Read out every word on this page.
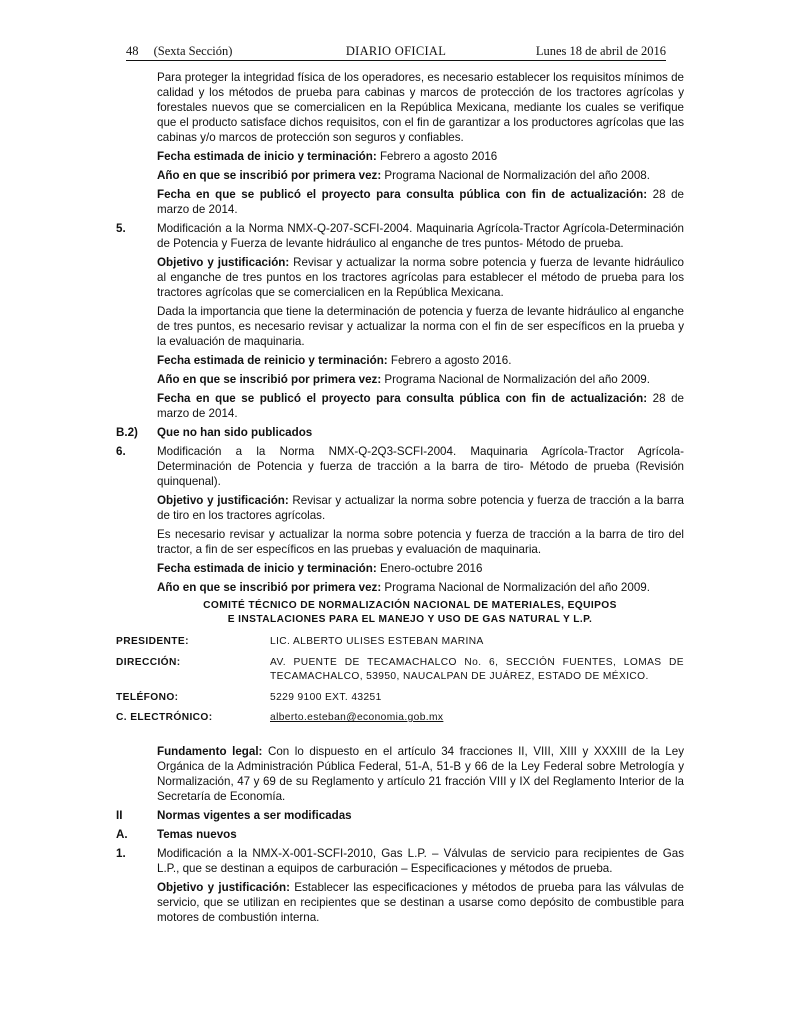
48 (Sexta Sección)	DIARIO OFICIAL	Lunes 18 de abril de 2016

Para proteger la integridad física de los operadores, es necesario establecer los requisitos mínimos de calidad y los métodos de prueba para cabinas y marcos de protección de los tractores agrícolas y forestales nuevos que se comercialicen en la República Mexicana, mediante los cuales se verifique que el producto satisface dichos requisitos, con el fin de garantizar a los productores agrícolas que las cabinas y/o marcos de protección son seguros y confiables.

Fecha estimada de inicio y terminación: Febrero a agosto 2016

Año en que se inscribió por primera vez: Programa Nacional de Normalización del año 2008.

Fecha en que se publicó el proyecto para consulta pública con fin de actualización: 28 de marzo de 2014.

5.	Modificación a la Norma NMX-Q-207-SCFI-2004. Maquinaria Agrícola-Tractor Agrícola-Determinación de Potencia y Fuerza de levante hidráulico al enganche de tres puntos- Método de prueba.

Objetivo y justificación: Revisar y actualizar la norma sobre potencia y fuerza de levante hidráulico al enganche de tres puntos en los tractores agrícolas para establecer el método de prueba para los tractores agrícolas que se comercialicen en la República Mexicana.

Dada la importancia que tiene la determinación de potencia y fuerza de levante hidráulico al enganche de tres puntos, es necesario revisar y actualizar la norma con el fin de ser específicos en la prueba y la evaluación de maquinaria.

Fecha estimada de reinicio y terminación: Febrero a agosto 2016.

Año en que se inscribió por primera vez: Programa Nacional de Normalización del año 2009.

Fecha en que se publicó el proyecto para consulta pública con fin de actualización: 28 de marzo de 2014.

B.2)	Que no han sido publicados
6.	Modificación a la Norma NMX-Q-2Q3-SCFI-2004. Maquinaria Agrícola-Tractor Agrícola- Determinación de Potencia y fuerza de tracción a la barra de tiro- Método de prueba (Revisión quinquenal).

Objetivo y justificación: Revisar y actualizar la norma sobre potencia y fuerza de tracción a la barra de tiro en los tractores agrícolas.

Es necesario revisar y actualizar la norma sobre potencia y fuerza de tracción a la barra de tiro del tractor, a fin de ser específicos en las pruebas y evaluación de maquinaria.

Fecha estimada de inicio y terminación: Enero-octubre 2016

Año en que se inscribió por primera vez: Programa Nacional de Normalización del año 2009.

COMITÉ TÉCNICO DE NORMALIZACIÓN NACIONAL DE MATERIALES, EQUIPOS
E INSTALACIONES PARA EL MANEJO Y USO DE GAS NATURAL Y L.P.
PRESIDENTE:	LIC. ALBERTO ULISES ESTEBAN MARINA
DIRECCIÓN:	AV. PUENTE DE TECAMACHALCO No. 6, SECCIÓN FUENTES, LOMAS DE TECAMACHALCO, 53950, NAUCALPAN DE JUÁREZ, ESTADO DE MÉXICO.
TELÉFONO:	5229 9100 EXT. 43251
C. ELECTRÓNICO:	alberto.esteban@economia.gob.mx

Fundamento legal: Con lo dispuesto en el artículo 34 fracciones II, VIII, XIII y XXXIII de la Ley Orgánica de la Administración Pública Federal, 51-A, 51-B y 66 de la Ley Federal sobre Metrología y Normalización, 47 y 69 de su Reglamento y artículo 21 fracción VIII y IX del Reglamento Interior de la Secretaría de Economía.

II	Normas vigentes a ser modificadas
A.	Temas nuevos
1.	Modificación a la NMX-X-001-SCFI-2010, Gas L.P. – Válvulas de servicio para recipientes de Gas L.P., que se destinan a equipos de carburación – Especificaciones y métodos de prueba.

Objetivo y justificación: Establecer las especificaciones y métodos de prueba para las válvulas de servicio, que se utilizan en recipientes que se destinan a usarse como depósito de combustible para motores de combustión interna.
